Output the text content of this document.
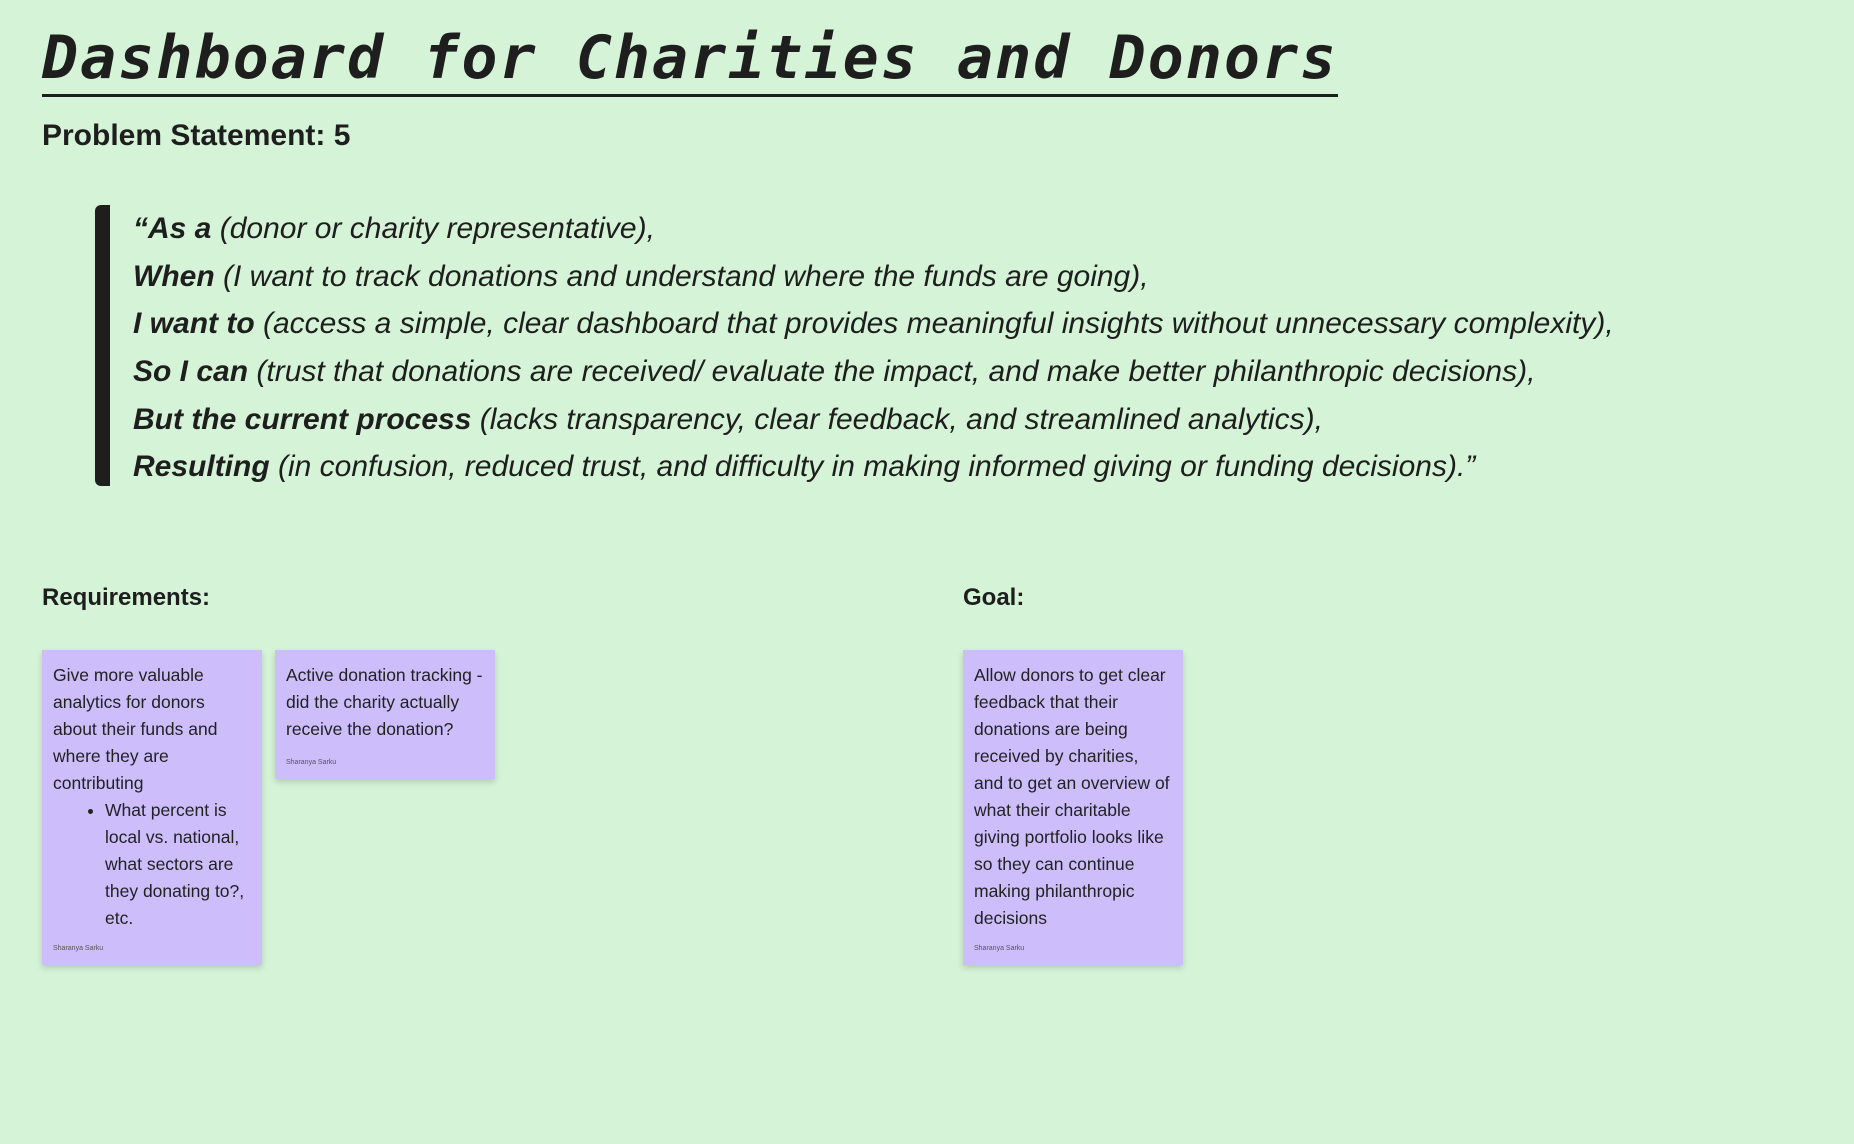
Dashboard for Charities and Donors
Problem Statement: 5
“As a (donor or charity representative),
When (I want to track donations and understand where the funds are going),
I want to (access a simple, clear dashboard that provides meaningful insights without unnecessary complexity),
So I can (trust that donations are received/ evaluate the impact, and make better philanthropic decisions),
But the current process (lacks transparency, clear feedback, and streamlined analytics),
Resulting (in confusion, reduced trust, and difficulty in making informed giving or funding decisions).”
Requirements:

Give more valuable analytics for donors about their funds and where they are contributing

• What percent is local vs. national, what sectors are they donating to?, etc.
Sharanya Sarku

Active donation tracking - did the charity actually receive the donation?

Sharanya Sarku
Goal:

Allow donors to get clear feedback that their donations are being received by charities, and to get an overview of what their charitable giving portfolio looks like so they can continue making philanthropic decisions

Sharanya Sarku
